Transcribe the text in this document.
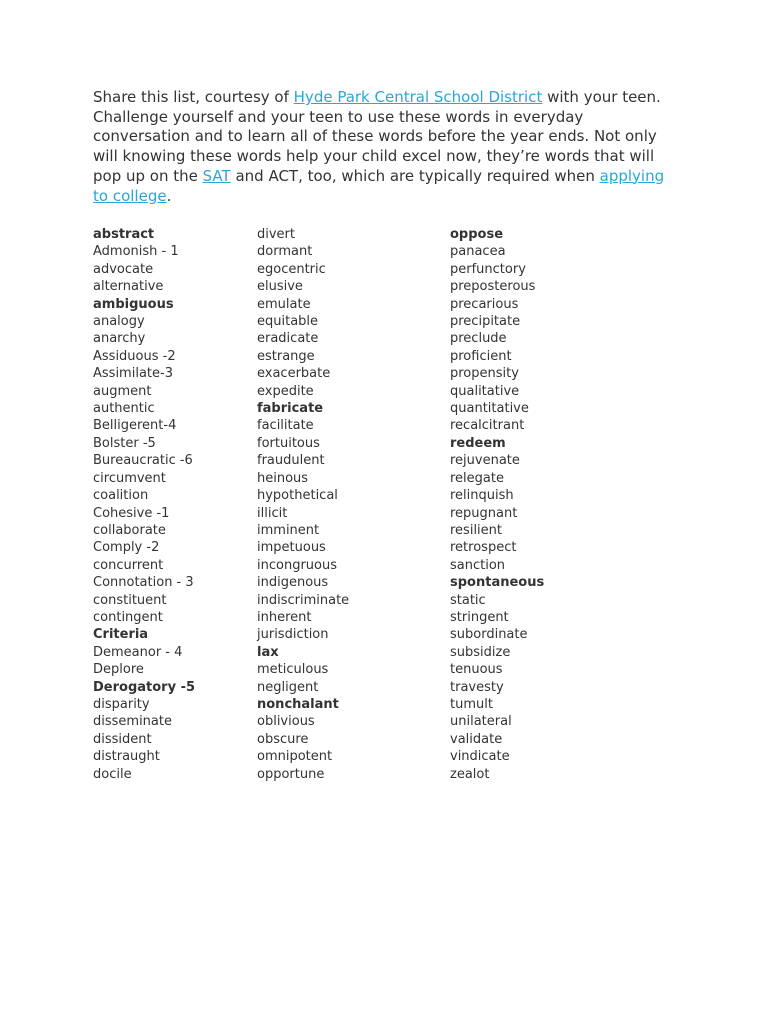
Share this list, courtesy of Hyde Park Central School District with your teen. Challenge yourself and your teen to use these words in everyday conversation and to learn all of these words before the year ends. Not only will knowing these words help your child excel now, they’re words that will pop up on the SAT and ACT, too, which are typically required when applying to college.

abstract
Admonish - 1
advocate
alternative
ambiguous
analogy
anarchy
Assiduous -2
Assimilate-3
augment
authentic
Belligerent-4
Bolster -5
Bureaucratic -6
circumvent
coalition
Cohesive -1
collaborate
Comply -2
concurrent
Connotation - 3
constituent
contingent
Criteria
Demeanor - 4
Deplore
Derogatory -5
disparity
disseminate
dissident
distraught
docile
divert
dormant
egocentric
elusive
emulate
equitable
eradicate
estrange
exacerbate
expedite
fabricate
facilitate
fortuitous
fraudulent
heinous
hypothetical
illicit
imminent
impetuous
incongruous
indigenous
indiscriminate
inherent
jurisdiction
lax
meticulous
negligent
nonchalant
oblivious
obscure
omnipotent
opportune
oppose
panacea
perfunctory
preposterous
precarious
precipitate
preclude
proficient
propensity
qualitative
quantitative
recalcitrant
redeem
rejuvenate
relegate
relinquish
repugnant
resilient
retrospect
sanction
spontaneous
static
stringent
subordinate
subsidize
tenuous
travesty
tumult
unilateral
validate
vindicate
zealot
